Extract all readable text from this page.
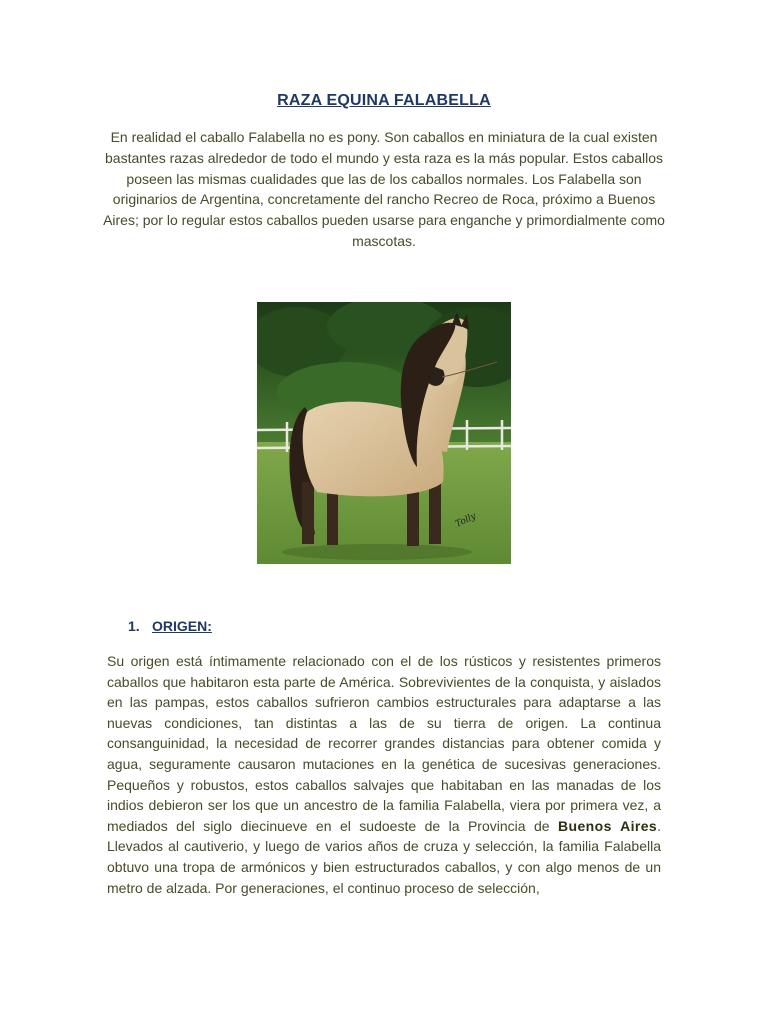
RAZA EQUINA FALABELLA
En realidad el caballo Falabella no es pony. Son caballos en miniatura de la cual existen bastantes razas alrededor de todo el mundo y esta raza es la más popular. Estos caballos poseen las mismas cualidades que las de los caballos normales. Los Falabella son originarios de Argentina, concretamente del rancho Recreo de Roca, próximo a Buenos Aires; por lo regular estos caballos pueden usarse para enganche y primordialmente como mascotas.
Tolly
1. ORIGEN:
Su origen está íntimamente relacionado con el de los rústicos y resistentes primeros caballos que habitaron esta parte de América. Sobrevivientes de la conquista, y aislados en las pampas, estos caballos sufrieron cambios estructurales para adaptarse a las nuevas condiciones, tan distintas a las de su tierra de origen. La continua consanguinidad, la necesidad de recorrer grandes distancias para obtener comida y agua, seguramente causaron mutaciones en la genética de sucesivas generaciones. Pequeños y robustos, estos caballos salvajes que habitaban en las manadas de los indios debieron ser los que un ancestro de la familia Falabella, viera por primera vez, a mediados del siglo diecinueve en el sudoeste de la Provincia de Buenos Aires. Llevados al cautiverio, y luego de varios años de cruza y selección, la familia Falabella obtuvo una tropa de armónicos y bien estructurados caballos, y con algo menos de un metro de alzada. Por generaciones, el continuo proceso de selección,
